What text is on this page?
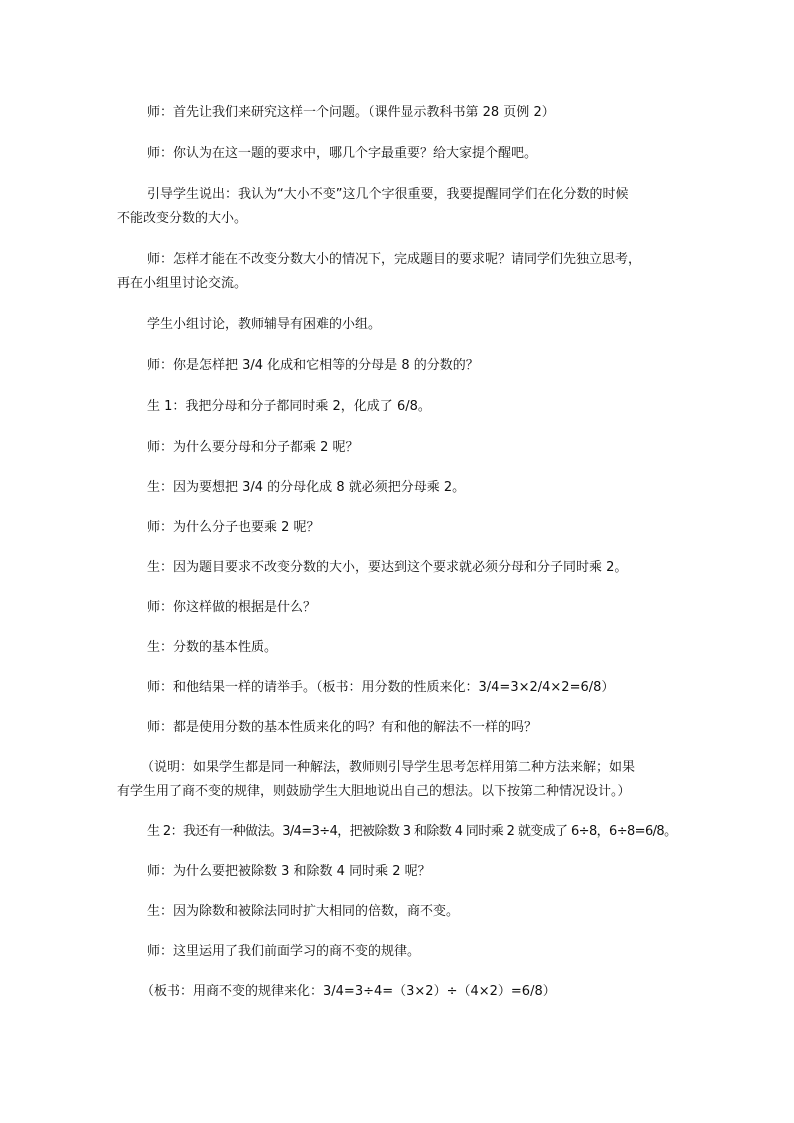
师：首先让我们来研究这样一个问题。（课件显示教科书第 28 页例 2）
师：你认为在这一题的要求中，哪几个字最重要？给大家提个醒吧。
引导学生说出：我认为“大小不变”这几个字很重要，我要提醒同学们在化分数的时候
不能改变分数的大小。
师：怎样才能在不改变分数大小的情况下，完成题目的要求呢？请同学们先独立思考，
再在小组里讨论交流。
学生小组讨论，教师辅导有困难的小组。
师：你是怎样把 3/4 化成和它相等的分母是 8 的分数的？
生 1：我把分母和分子都同时乘 2，化成了 6/8。
师：为什么要分母和分子都乘 2 呢？
生：因为要想把 3/4 的分母化成 8 就必须把分母乘 2。
师：为什么分子也要乘 2 呢？
生：因为题目要求不改变分数的大小，要达到这个要求就必须分母和分子同时乘 2。
师：你这样做的根据是什么？
生：分数的基本性质。
师：和他结果一样的请举手。（板书：用分数的性质来化：3/4=3×2/4×2=6/8）
师：都是使用分数的基本性质来化的吗？有和他的解法不一样的吗？
（说明：如果学生都是同一种解法，教师则引导学生思考怎样用第二种方法来解；如果
有学生用了商不变的规律，则鼓励学生大胆地说出自己的想法。以下按第二种情况设计。）
生 2：我还有一种做法。3/4=3÷4，把被除数 3 和除数 4 同时乘 2 就变成了 6÷8，6÷8=6/8。
师：为什么要把被除数 3 和除数 4 同时乘 2 呢？
生：因为除数和被除法同时扩大相同的倍数，商不变。
师：这里运用了我们前面学习的商不变的规律。
（板书：用商不变的规律来化：3/4=3÷4=（3×2）÷（4×2）=6/8）
